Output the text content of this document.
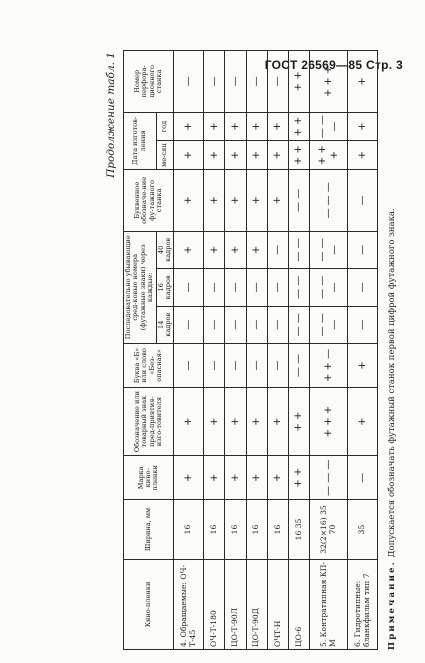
ГОСТ 26569—85 Стр. 3
Продолжение табл. 1
Кино-пленки	Ширина, мм	Марка кино-пленки	Обозначение или товарный знак пред-приятия-изго-товителя	Буква «Б» или слово «Без-опасная»	Последовательно убывающие сред-ковые номера (футажные знаки) через каждые:			Буквенное обозначе-ние фу-тажного станка	Дата изготов-ления		Номер перфора-ционного станка
					14 кадров	16 кадров	40 кадров		ме-сяц	год	
4. Обращаемые: ОЧ-Т-45	16	+	+	—	—	—	+	+	+	+	—
ОЧ-Т-180	16	+	+	—	—	—	+	+	+	+	—
ЦО-Т-90Л	16	+	+	—	—	—	+	+	+	+	—
ЦО-Т-90Д	16	+	+	—	—	—	+	+	+	+	—
ОЧТ-Н	16	+	+	—	—	—	—	+	+	+	—
ЦО-6	16 35	+ +	+ +	— —	— —	— —	— —	— —	+ +	+ +	+ +
5. Контратипная КП-М	32(2×16) 35 70	— — —	+ + +	+ + —	— — —	— — —	— — —	— — —	+ + +	— — —	+ + +
6. Гидротипные: бланкфильм тип 7	35	—	+	+	—	—	—	—	+	+	+
Примечание. Допускается обозначать футажный станок первой цифрой футажного знака.
